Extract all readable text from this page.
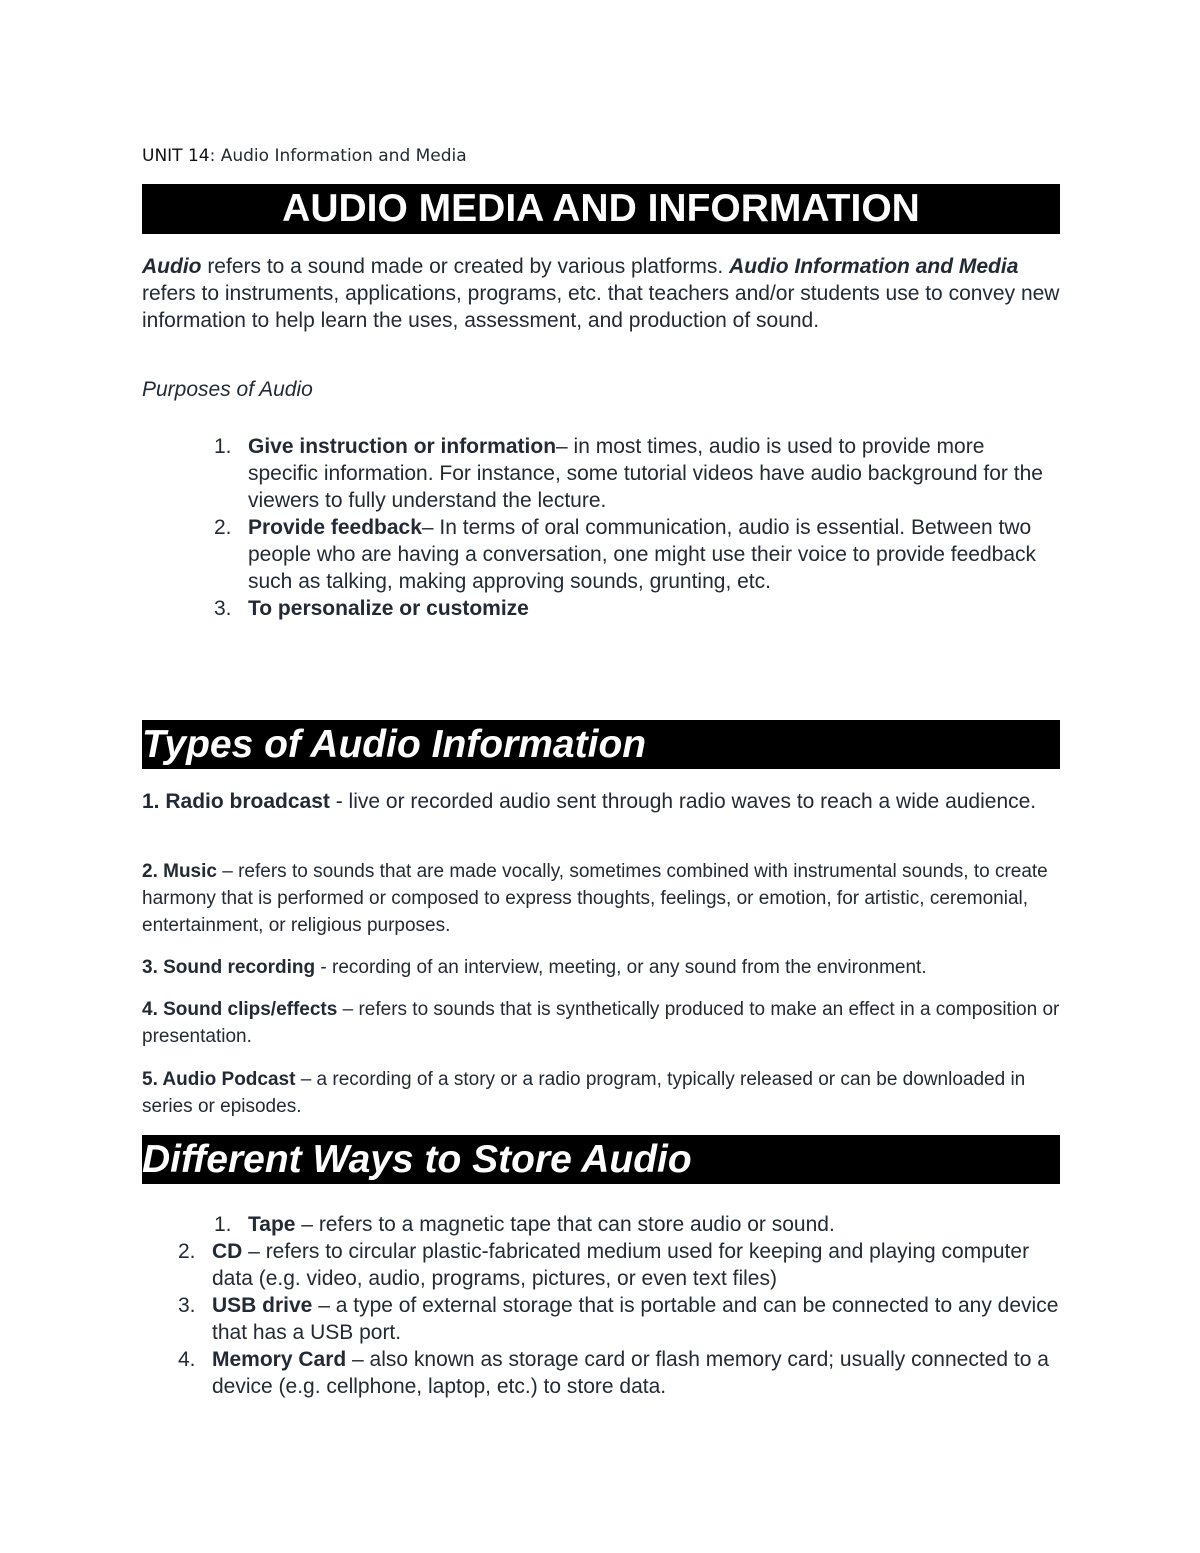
UNIT 14: Audio Information and Media
AUDIO MEDIA AND INFORMATION
Audio refers to a sound made or created by various platforms. Audio Information and Media refers to instruments, applications, programs, etc. that teachers and/or students use to convey new information to help learn the uses, assessment, and production of sound.
Purposes of Audio
1. Give instruction or information– in most times, audio is used to provide more specific information. For instance, some tutorial videos have audio background for the viewers to fully understand the lecture.
2. Provide feedback– In terms of oral communication, audio is essential. Between two people who are having a conversation, one might use their voice to provide feedback such as talking, making approving sounds, grunting, etc.
3. To personalize or customize
Types of Audio Information
1. Radio broadcast - live or recorded audio sent through radio waves to reach a wide audience.
2. Music – refers to sounds that are made vocally, sometimes combined with instrumental sounds, to create harmony that is performed or composed to express thoughts, feelings, or emotion, for artistic, ceremonial, entertainment, or religious purposes.
3. Sound recording - recording of an interview, meeting, or any sound from the environment.
4. Sound clips/effects – refers to sounds that is synthetically produced to make an effect in a composition or presentation.
5. Audio Podcast – a recording of a story or a radio program, typically released or can be downloaded in series or episodes.
Different Ways to Store Audio
1. Tape – refers to a magnetic tape that can store audio or sound.
2. CD – refers to circular plastic-fabricated medium used for keeping and playing computer data (e.g. video, audio, programs, pictures, or even text files)
3. USB drive – a type of external storage that is portable and can be connected to any device that has a USB port.
4. Memory Card – also known as storage card or flash memory card; usually connected to a device (e.g. cellphone, laptop, etc.) to store data.
